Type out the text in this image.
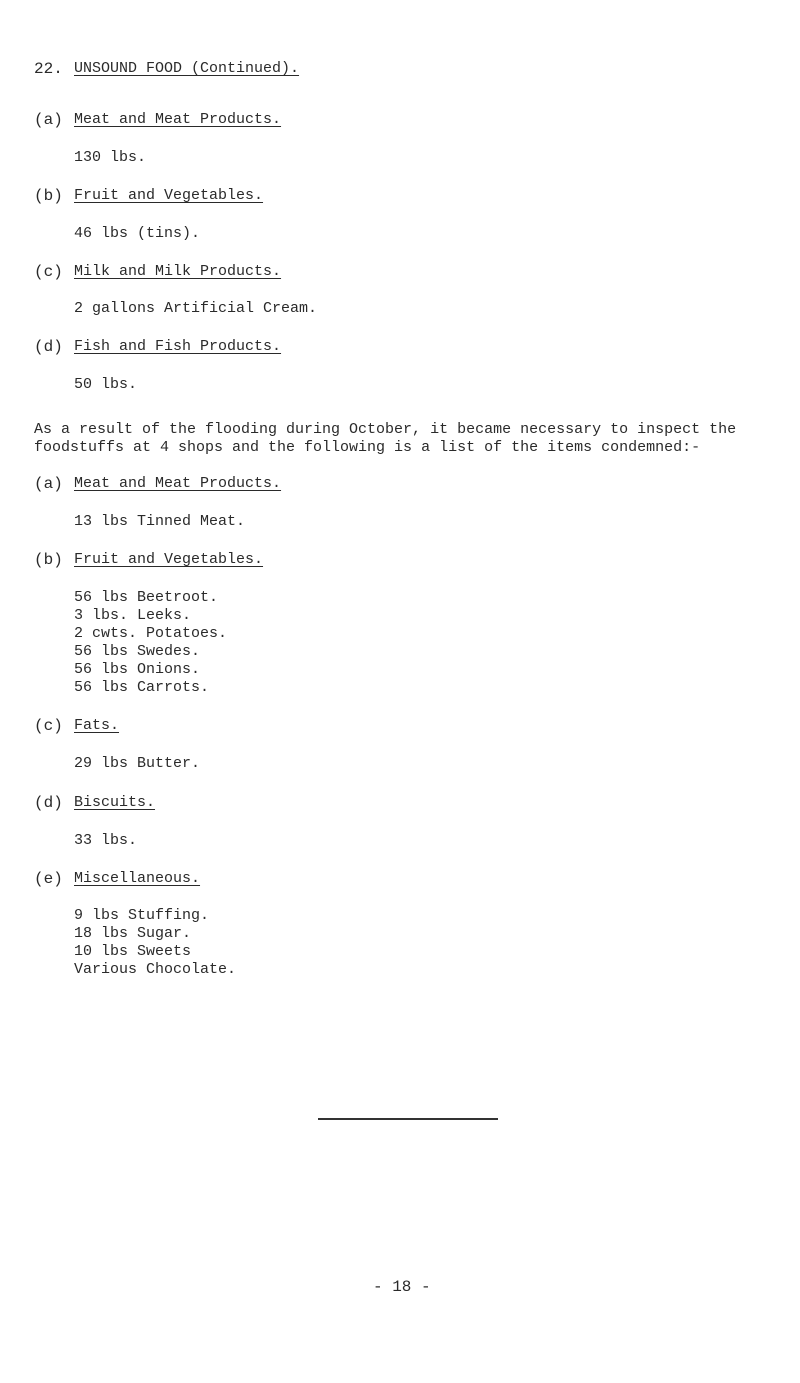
22. UNSOUND FOOD (Continued).
(a) Meat and Meat Products.
130 lbs.
(b) Fruit and Vegetables.
46 lbs (tins).
(c) Milk and Milk Products.
2 gallons Artificial Cream.
(d) Fish and Fish Products.
50 lbs.
As a result of the flooding during October, it became necessary to inspect the foodstuffs at 4 shops and the following is a list of the items condemned:-
(a) Meat and Meat Products.
13 lbs Tinned Meat.
(b) Fruit and Vegetables.
56 lbs Beetroot.
3 lbs. Leeks.
2 cwts. Potatoes.
56 lbs Swedes.
56 lbs Onions.
56 lbs Carrots.
(c) Fats.
29 lbs Butter.
(d) Biscuits.
33 lbs.
(e) Miscellaneous.
9 lbs Stuffing.
18 lbs Sugar.
10 lbs Sweets
Various Chocolate.
- 18 -
